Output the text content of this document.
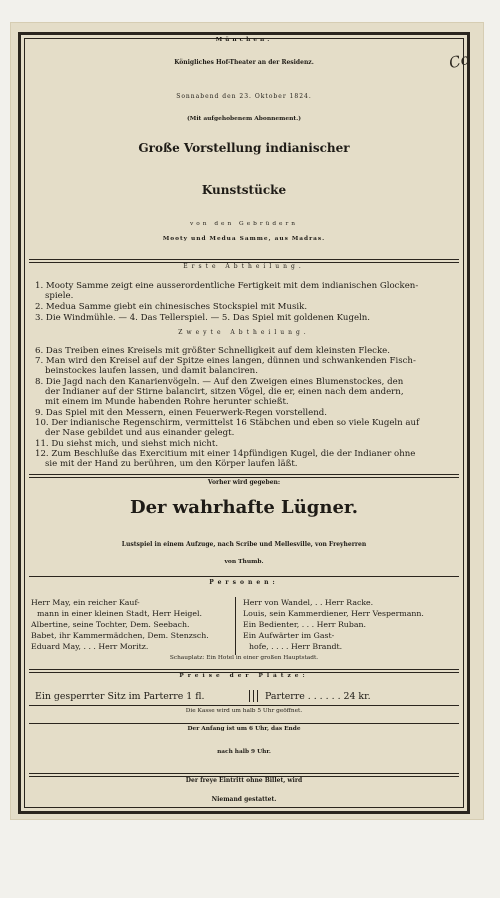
Co
München.
Königliches Hof-Theater an der Residenz.
Sonnabend den 23. Oktober 1824.
(Mit aufgehobenem Abonnement.)
Große Vorstellung indianischer
Kunststücke
von den Gebrüdern
Mooty und Medua Samme, aus Madras.
Erste Abtheilung.
1. Mooty Samme zeigt eine ausserordentliche Fertigkeit mit dem indianischen Glocken-
spiele.
2. Medua Samme giebt ein chinesisches Stockspiel mit Musik.
3. Die Windmühle. — 4. Das Tellerspiel. — 5. Das Spiel mit goldenen Kugeln.
Zweyte Abtheilung.
6. Das Treiben eines Kreisels mit größter Schnelligkeit auf dem kleinsten Flecke.
7. Man wird den Kreisel auf der Spitze eines langen, dünnen und schwankenden Fisch-
beinstockes laufen lassen, und damit balanciren.
8. Die Jagd nach den Kanarienvögeln. — Auf den Zweigen eines Blumenstockes, den
der Indianer auf der Stirne balancirt, sitzen Vögel, die er, einen nach dem andern,
mit einem im Munde habenden Rohre herunter schießt.
9. Das Spiel mit den Messern, einen Feuerwerk-Regen vorstellend.
10. Der indianische Regenschirm, vermittelst 16 Stäbchen und eben so viele Kugeln auf
der Nase gebildet und aus einander gelegt.
11. Du siehst mich, und siehst mich nicht.
12. Zum Beschluße das Exercitium mit einer 14pfündigen Kugel, die der Indianer ohne
sie mit der Hand zu berühren, um den Körper laufen läßt.
Vorher wird gegeben:
Der wahrhafte Lügner.
Lustspiel in einem Aufzuge, nach Scribe und Mellesville, von Freyherren
von Thumb.
Personen:
Herr May, ein reicher Kauf-
mann in einer kleinen Stadt, Herr Heigel.
Albertine, seine Tochter, Dem. Seebach.
Babet, ihr Kammermädchen, Dem. Stenzsch.
Eduard May, . . . Herr Moritz.
Herr von Wandel, . . Herr Racke.
Louis, sein Kammerdiener, Herr Vespermann.
Ein Bedienter, . . . Herr Ruban.
Ein Aufwärter im Gast-
hofe, . . . . Herr Brandt.
Schauplatz: Ein Hotel in einer großen Hauptstadt.
Preise der Plätze:
Ein gesperrter Sitz im Parterre 1 fl.	Parterre . . . . . . 24 kr.
Die Kasse wird um halb 5 Uhr geöffnet.
Der Anfang ist um 6 Uhr, das Ende
nach halb 9 Uhr.
Der freye Eintritt ohne Billet, wird
Niemand gestattet.
